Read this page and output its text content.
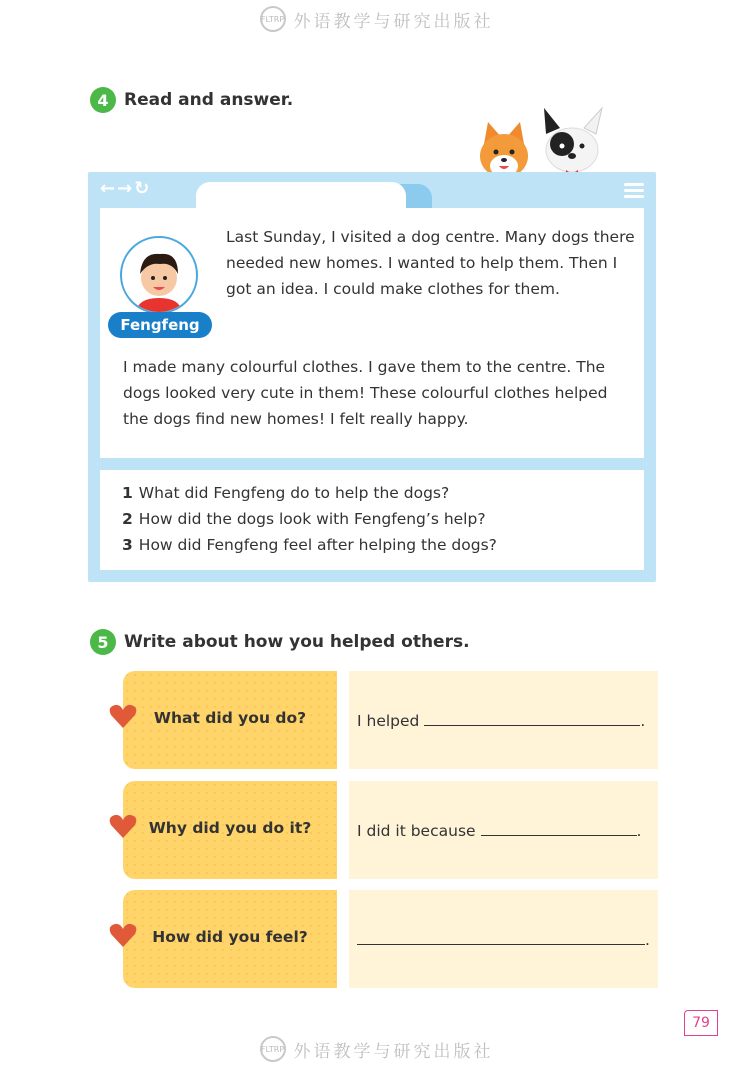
FLTRP 外语教学与研究出版社
4 Read and answer.
←→↻
Fengfeng
Last Sunday, I visited a dog centre. Many dogs there needed new homes. I wanted to help them. Then I got an idea. I could make clothes for them.
I made many colourful clothes. I gave them to the centre. The dogs looked very cute in them! These colourful clothes helped the dogs find new homes! I felt really happy.
1 What did Fengfeng do to help the dogs?
2 How did the dogs look with Fengfeng’s help?
3 How did Fengfeng feel after helping the dogs?
5 Write about how you helped others.
What did you do?	I helped	.
Why did you do it?	I did it because	.
How did you feel?	.
79
FLTRP 外语教学与研究出版社
